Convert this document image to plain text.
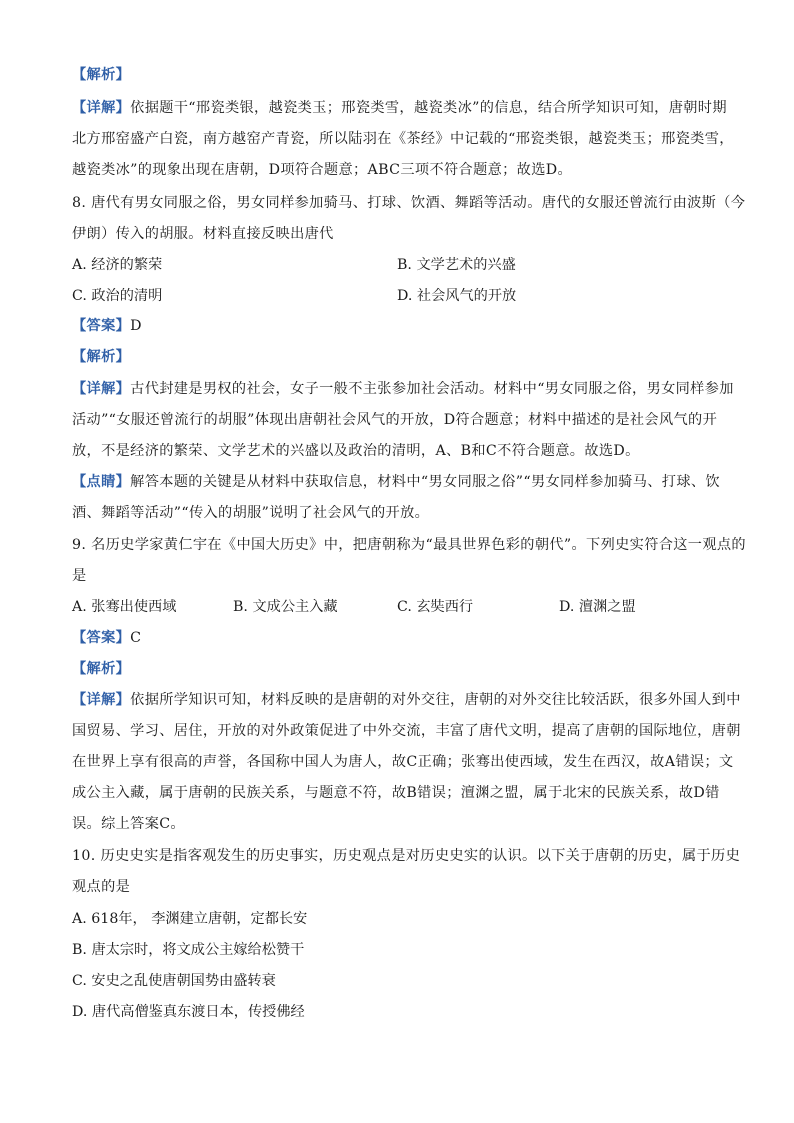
【解析】
【详解】依据题干“邢瓷类银，越瓷类玉；邢瓷类雪，越瓷类冰”的信息，结合所学知识可知，唐朝时期
北方邢窑盛产白瓷，南方越窑产青瓷，所以陆羽在《茶经》中记载的“邢瓷类银，越瓷类玉；邢瓷类雪，
越瓷类冰”的现象出现在唐朝，D项符合题意；ABC三项不符合题意；故选D。
8. 唐代有男女同服之俗，男女同样参加骑马、打球、饮酒、舞蹈等活动。唐代的女服还曾流行由波斯（今
伊朗）传入的胡服。材料直接反映出唐代
A. 经济的繁荣	B. 文学艺术的兴盛
C. 政治的清明	D. 社会风气的开放
【答案】D
【解析】
【详解】古代封建是男权的社会，女子一般不主张参加社会活动。材料中“男女同服之俗，男女同样参加
活动”“女服还曾流行的胡服”体现出唐朝社会风气的开放，D符合题意；材料中描述的是社会风气的开
放，不是经济的繁荣、文学艺术的兴盛以及政治的清明，A、B和C不符合题意。故选D。
【点睛】解答本题的关键是从材料中获取信息，材料中“男女同服之俗”“男女同样参加骑马、打球、饮
酒、舞蹈等活动”“传入的胡服”说明了社会风气的开放。
9. 名历史学家黄仁宇在《中国大历史》中，把唐朝称为“最具世界色彩的朝代”。下列史实符合这一观点的
是
A. 张骞出使西域	B. 文成公主入藏	C. 玄奘西行	D. 澶渊之盟
【答案】C
【解析】
【详解】依据所学知识可知，材料反映的是唐朝的对外交往，唐朝的对外交往比较活跃，很多外国人到中
国贸易、学习、居住，开放的对外政策促进了中外交流，丰富了唐代文明，提高了唐朝的国际地位，唐朝
在世界上享有很高的声誉，各国称中国人为唐人，故C正确；张骞出使西域，发生在西汉，故A错误；文
成公主入藏，属于唐朝的民族关系，与题意不符，故B错误；澶渊之盟，属于北宋的民族关系，故D错
误。综上答案C。
10. 历史史实是指客观发生的历史事实，历史观点是对历史史实的认识。以下关于唐朝的历史，属于历史
观点的是
A. 618年， 李渊建立唐朝，定都长安
B. 唐太宗时，将文成公主嫁给松赞干
C. 安史之乱使唐朝国势由盛转衰
D. 唐代高僧鉴真东渡日本，传授佛经
